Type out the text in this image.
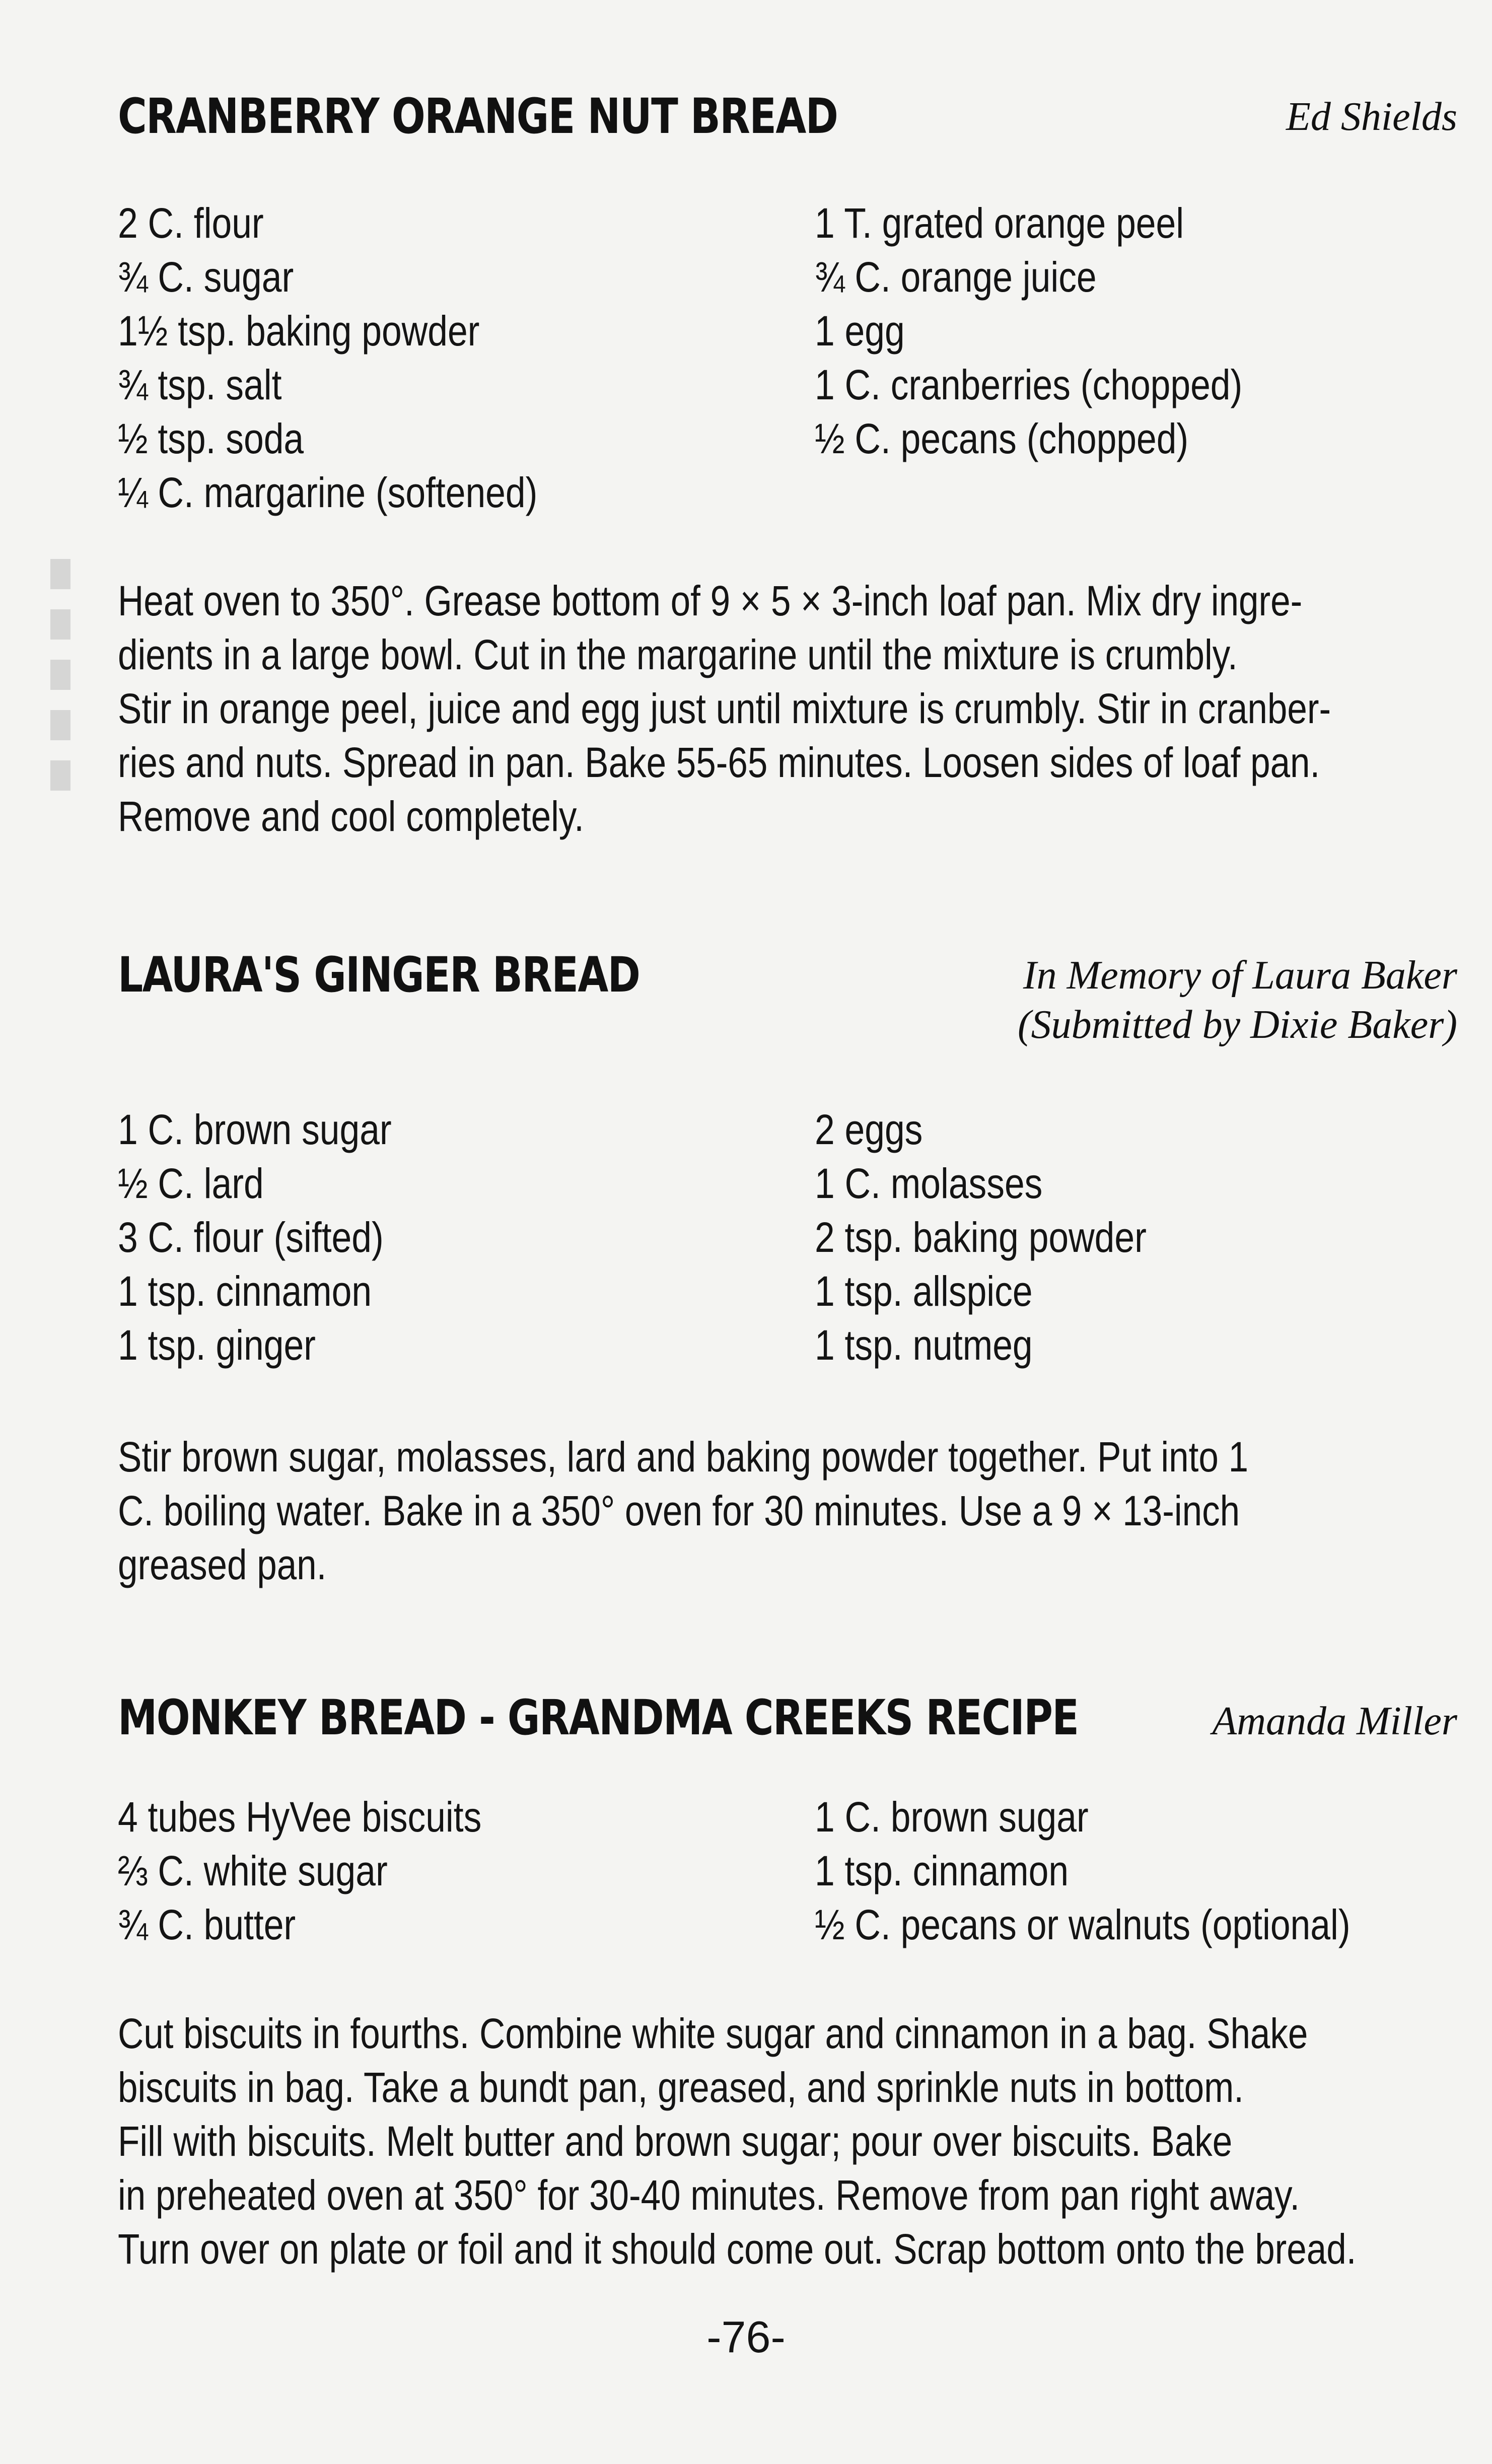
CRANBERRY ORANGE NUT BREAD	Ed Shields
2 C. flour
¾ C. sugar
1½ tsp. baking powder
¾ tsp. salt
½ tsp. soda
¼ C. margarine (softened)
1 T. grated orange peel
¾ C. orange juice
1 egg
1 C. cranberries (chopped)
½ C. pecans (chopped)
Heat oven to 350°. Grease bottom of 9 × 5 × 3-inch loaf pan. Mix dry ingre-
dients in a large bowl. Cut in the margarine until the mixture is crumbly.
Stir in orange peel, juice and egg just until mixture is crumbly. Stir in cranber-
ries and nuts. Spread in pan. Bake 55-65 minutes. Loosen sides of loaf pan.
Remove and cool completely.
LAURA'S GINGER BREAD	In Memory of Laura Baker
(Submitted by Dixie Baker)
1 C. brown sugar
½ C. lard
3 C. flour (sifted)
1 tsp. cinnamon
1 tsp. ginger
2 eggs
1 C. molasses
2 tsp. baking powder
1 tsp. allspice
1 tsp. nutmeg
Stir brown sugar, molasses, lard and baking powder together. Put into 1
C. boiling water. Bake in a 350° oven for 30 minutes. Use a 9 × 13-inch
greased pan.
MONKEY BREAD - GRANDMA CREEKS RECIPE	Amanda Miller
4 tubes HyVee biscuits
⅔ C. white sugar
¾ C. butter
1 C. brown sugar
1 tsp. cinnamon
½ C. pecans or walnuts (optional)
Cut biscuits in fourths. Combine white sugar and cinnamon in a bag. Shake
biscuits in bag. Take a bundt pan, greased, and sprinkle nuts in bottom.
Fill with biscuits. Melt butter and brown sugar; pour over biscuits. Bake
in preheated oven at 350° for 30-40 minutes. Remove from pan right away.
Turn over on plate or foil and it should come out. Scrap bottom onto the bread.
-76-
